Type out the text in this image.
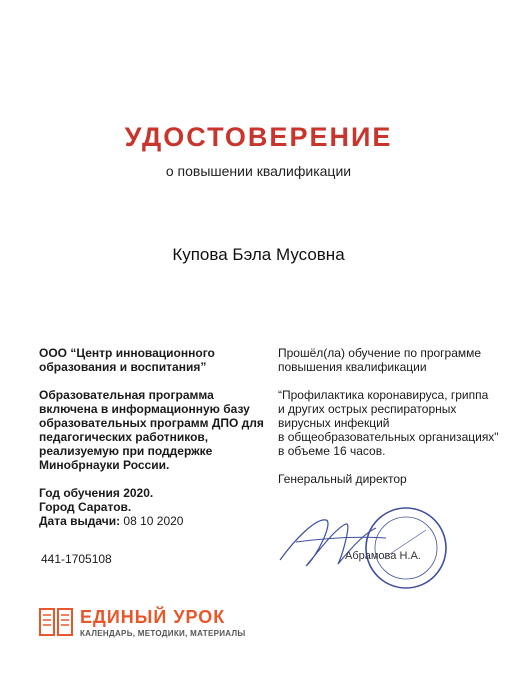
УДОСТОВЕРЕНИЕ
о повышении квалификации
Купова Бэла Мусовна
ООО “Центр инновационного образования и воспитания”
Образовательная программа включена в информационную базу образовательных программ ДПО для педагогических работников, реализуемую при поддержке Минобрнауки России.
Год обучения 2020.
Город Саратов.
Дата выдачи: 08 10 2020
441-1705108
Прошёл(ла) обучение по программе повышения квалификации
“Профилактика коронавируса, гриппа
и других острых респираторных
вирусных инфекций
в общеобразовательных организациях"
в объеме 16 часов.
Генеральный директор
Абрамова Н.А.
ЕДИНЫЙ УРОК
КАЛЕНДАРЬ, МЕТОДИКИ, МАТЕРИАЛЫ
